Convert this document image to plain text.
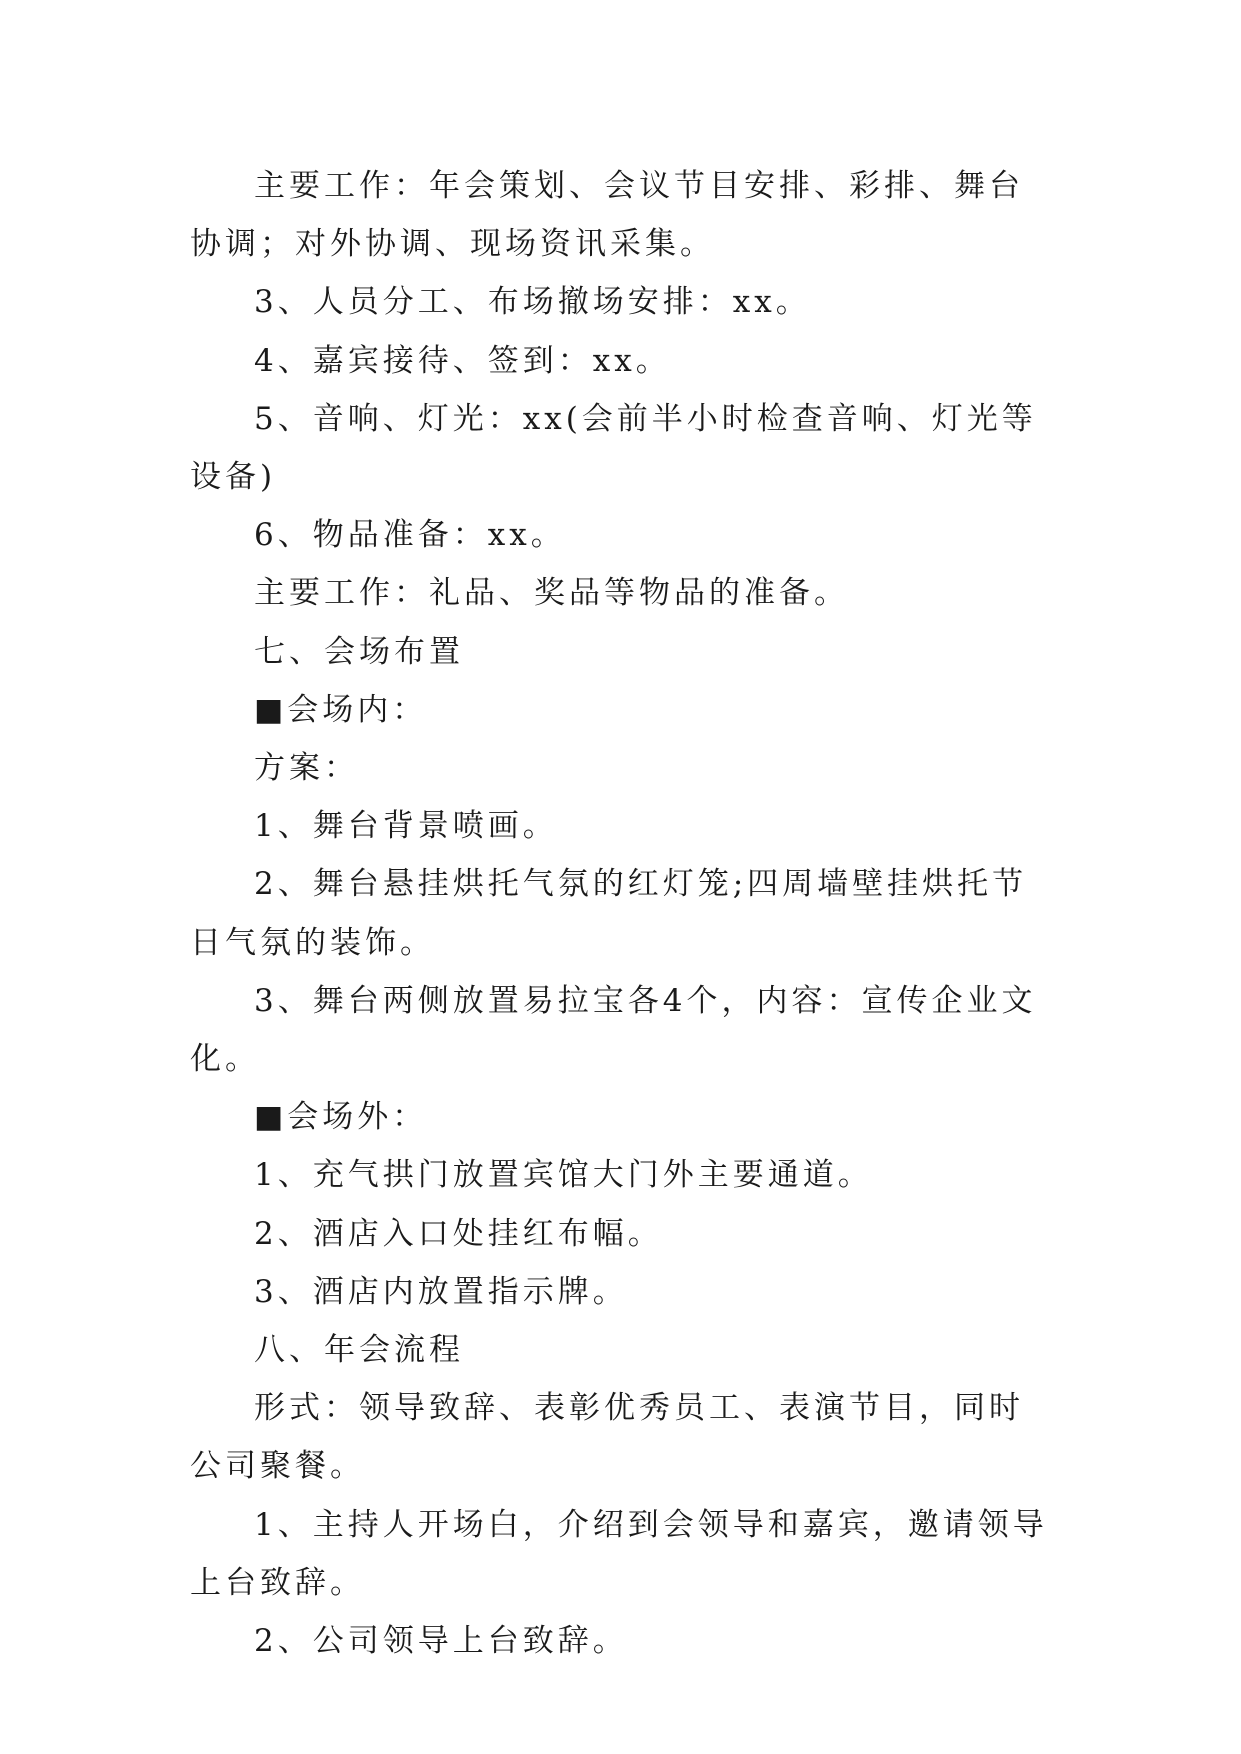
主要工作：年会策划、会议节目安排、彩排、舞台协调；对外协调、现场资讯采集。

3、人员分工、布场撤场安排：xx。

4、嘉宾接待、签到：xx。

5、音响、灯光：xx(会前半小时检查音响、灯光等设备)

6、物品准备：xx。

主要工作：礼品、奖品等物品的准备。

七、会场布置

■会场内：

方案：

1、舞台背景喷画。

2、舞台悬挂烘托气氛的红灯笼;四周墙壁挂烘托节日气氛的装饰。

3、舞台两侧放置易拉宝各4个，内容：宣传企业文化。

■会场外：

1、充气拱门放置宾馆大门外主要通道。

2、酒店入口处挂红布幅。

3、酒店内放置指示牌。

八、年会流程

形式：领导致辞、表彰优秀员工、表演节目，同时公司聚餐。

1、主持人开场白，介绍到会领导和嘉宾，邀请领导上台致辞。

2、公司领导上台致辞。
